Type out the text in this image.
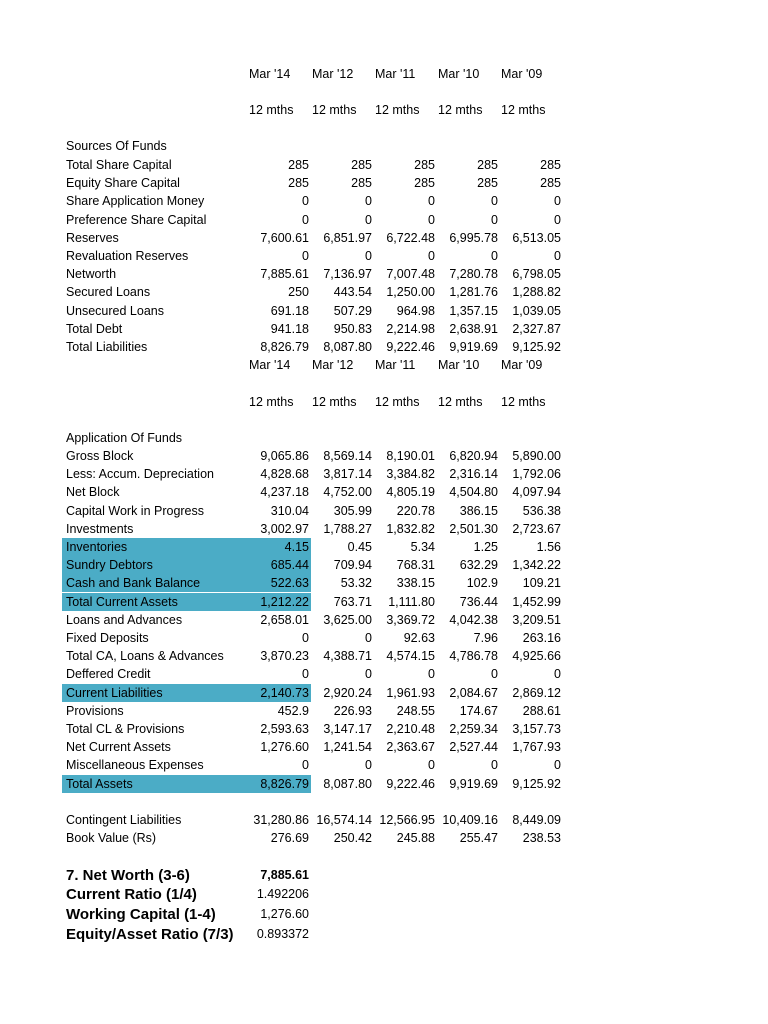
Mar '14	Mar '12	Mar '11	Mar '10	Mar '09
12 mths	12 mths	12 mths	12 mths	12 mths
Sources Of Funds
Total Share Capital	285	285	285	285	285
Equity Share Capital	285	285	285	285	285
Share Application Money	0	0	0	0	0
Preference Share Capital	0	0	0	0	0
Reserves	7,600.61	6,851.97	6,722.48	6,995.78	6,513.05
Revaluation Reserves	0	0	0	0	0
Networth	7,885.61	7,136.97	7,007.48	7,280.78	6,798.05
Secured Loans	250	443.54	1,250.00	1,281.76	1,288.82
Unsecured Loans	691.18	507.29	964.98	1,357.15	1,039.05
Total Debt	941.18	950.83	2,214.98	2,638.91	2,327.87
Total Liabilities	8,826.79	8,087.80	9,222.46	9,919.69	9,125.92
Mar '14	Mar '12	Mar '11	Mar '10	Mar '09
12 mths	12 mths	12 mths	12 mths	12 mths
Application Of Funds
Gross Block	9,065.86	8,569.14	8,190.01	6,820.94	5,890.00
Less: Accum. Depreciation	4,828.68	3,817.14	3,384.82	2,316.14	1,792.06
Net Block	4,237.18	4,752.00	4,805.19	4,504.80	4,097.94
Capital Work in Progress	310.04	305.99	220.78	386.15	536.38
Investments	3,002.97	1,788.27	1,832.82	2,501.30	2,723.67
Inventories	4.15	0.45	5.34	1.25	1.56
Sundry Debtors	685.44	709.94	768.31	632.29	1,342.22
Cash and Bank Balance	522.63	53.32	338.15	102.9	109.21
Total Current Assets	1,212.22	763.71	1,111.80	736.44	1,452.99
Loans and Advances	2,658.01	3,625.00	3,369.72	4,042.38	3,209.51
Fixed Deposits	0	0	92.63	7.96	263.16
Total CA, Loans & Advances	3,870.23	4,388.71	4,574.15	4,786.78	4,925.66
Deffered Credit	0	0	0	0	0
Current Liabilities	2,140.73	2,920.24	1,961.93	2,084.67	2,869.12
Provisions	452.9	226.93	248.55	174.67	288.61
Total CL & Provisions	2,593.63	3,147.17	2,210.48	2,259.34	3,157.73
Net Current Assets	1,276.60	1,241.54	2,363.67	2,527.44	1,767.93
Miscellaneous Expenses	0	0	0	0	0
Total Assets	8,826.79	8,087.80	9,222.46	9,919.69	9,125.92
Contingent Liabilities	31,280.86 16,574.14 12,566.95 10,409.16	8,449.09
Book Value (Rs)	276.69	250.42	245.88	255.47	238.53
7. Net Worth (3-6)	7,885.61
Current Ratio (1/4)	1.492206
Working Capital (1-4)	1,276.60
Equity/Asset Ratio (7/3)	0.893372
